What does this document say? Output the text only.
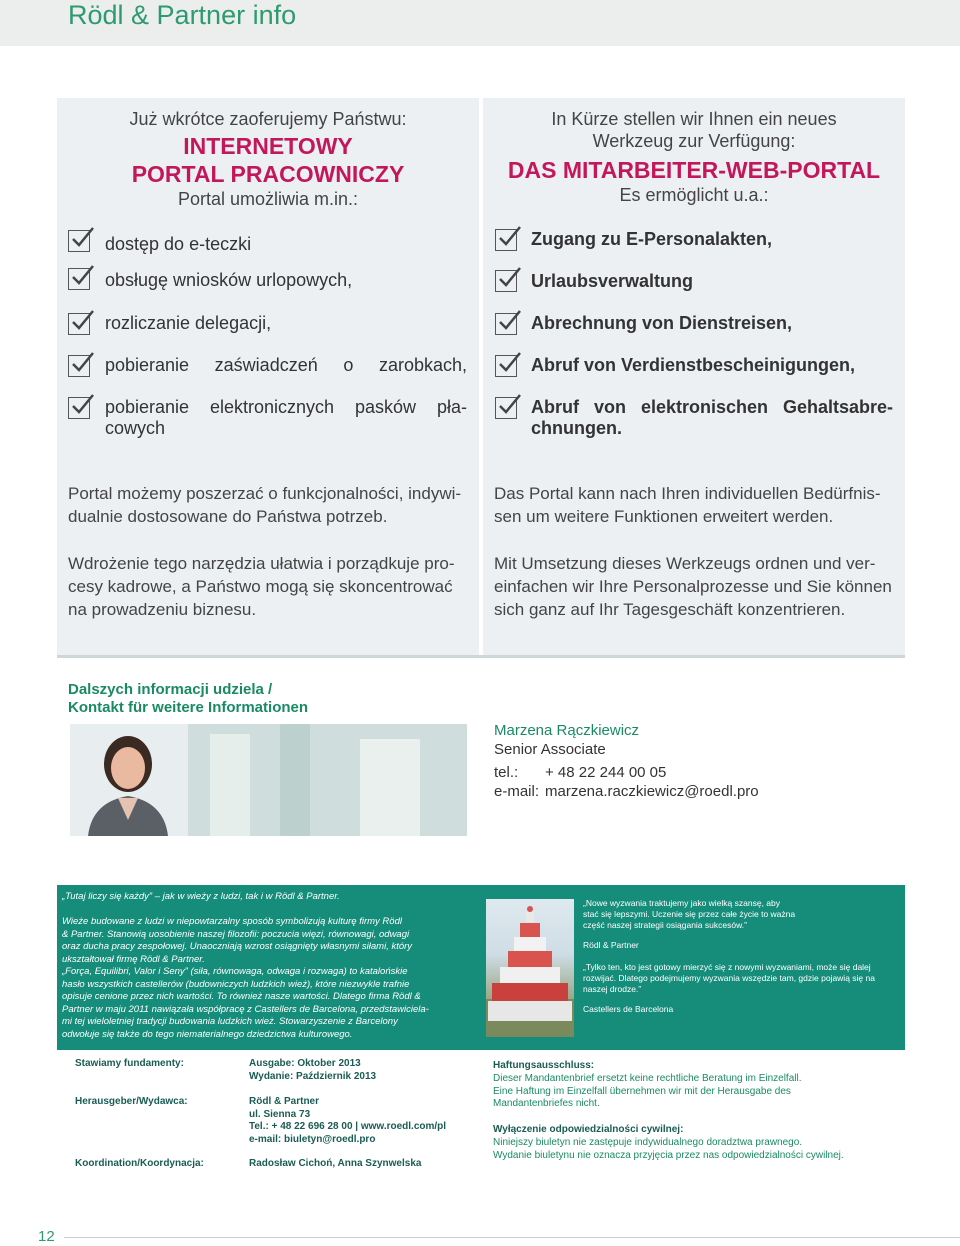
Rödl & Partner info
Już wkrótce zaoferujemy Państwu:
INTERNETOWY
PORTAL PRACOWNICZY
Portal umożliwia m.in.:
In Kürze stellen wir Ihnen ein neues
Werkzeug zur Verfügung:
DAS MITARBEITER-WEB-PORTAL
Es ermöglicht u.a.:
dostęp do e-teczki
obsługę wniosków urlopowych,
rozliczanie delegacji,
pobieranie zaświadczeń o zarobkach,
pobieranie elektronicznych pasków pła-
cowych
Zugang zu E-Personalakten,
Urlaubsverwaltung
Abrechnung von Dienstreisen,
Abruf von Verdienstbescheinigungen,
Abruf von elektronischen Gehaltsabre-
chnungen.
Portal możemy poszerzać o funkcjonalności, indywi-
dualnie dostosowane do Państwa potrzeb.
Wdrożenie tego narzędzia ułatwia i porządkuje pro-
cesy kadrowe, a Państwo mogą się skoncentrować
na prowadzeniu biznesu.
Das Portal kann nach Ihren individuellen Bedürfnis-
sen um weitere Funktionen erweitert werden.
Mit Umsetzung dieses Werkzeugs ordnen und ver-
einfachen wir Ihre Personalprozesse und Sie können
sich ganz auf Ihr Tagesgeschäft konzentrieren.
Dalszych informacji udziela /
Kontakt für weitere Informationen
Marzena Rączkiewicz
Senior Associate
tel.: + 48 22 244 00 05
e-mail: marzena.raczkiewicz@roedl.pro
„Tutaj liczy się każdy” – jak w wieży z ludzi, tak i w Rödl & Partner.
Wieże budowane z ludzi w niepowtarzalny sposób symbolizują kulturę firmy Rödl
& Partner. Stanowią uosobienie naszej filozofii: poczucia więzi, równowagi, odwagi
oraz ducha pracy zespołowej. Unaoczniają wzrost osiągnięty własnymi siłami, który
ukształtował firmę Rödl & Partner.
„Força, Equilibri, Valor i Seny” (siła, równowaga, odwaga i rozwaga) to katalońskie
hasło wszystkich castellerów (budowniczych ludzkich wież), które niezwykle trafnie
opisuje cenione przez nich wartości. To również nasze wartości. Dlatego firma Rödl &
Partner w maju 2011 nawiązała współpracę z Castellers de Barcelona, przedstawiciela-
mi tej wieloletniej tradycji budowania ludzkich wież. Stowarzyszenie z Barcelony
odwołuje się także do tego niematerialnego dziedzictwa kulturowego.
„Nowe wyzwania traktujemy jako wielką szansę, aby
stać się lepszymi. Uczenie się przez całe życie to ważna
część naszej strategii osiągania sukcesów.”
Rödl & Partner
„Tylko ten, kto jest gotowy mierzyć się z nowymi wyzwaniami, może się dalej
rozwijać. Dlatego podejmujemy wyzwania wszędzie tam, gdzie pojawią się na
naszej drodze.”
Castellers de Barcelona
Stawiamy fundamenty:	Ausgabe: Oktober 2013
Wydanie: Październik 2013
Herausgeber/Wydawca:	Rödl & Partner
ul. Sienna 73
Tel.: + 48 22 696 28 00 | www.roedl.com/pl
e-mail: biuletyn@roedl.pro
Koordination/Koordynacja:	Radosław Cichoń, Anna Szynwelska
Haftungsausschluss:
Dieser Mandantenbrief ersetzt keine rechtliche Beratung im Einzelfall.
Eine Haftung im Einzelfall übernehmen wir mit der Herausgabe des
Mandantenbriefes nicht.
Wyłączenie odpowiedzialności cywilnej:
Niniejszy biuletyn nie zastępuje indywidualnego doradztwa prawnego.
Wydanie biuletynu nie oznacza przyjęcia przez nas odpowiedzialności cywilnej.
12
